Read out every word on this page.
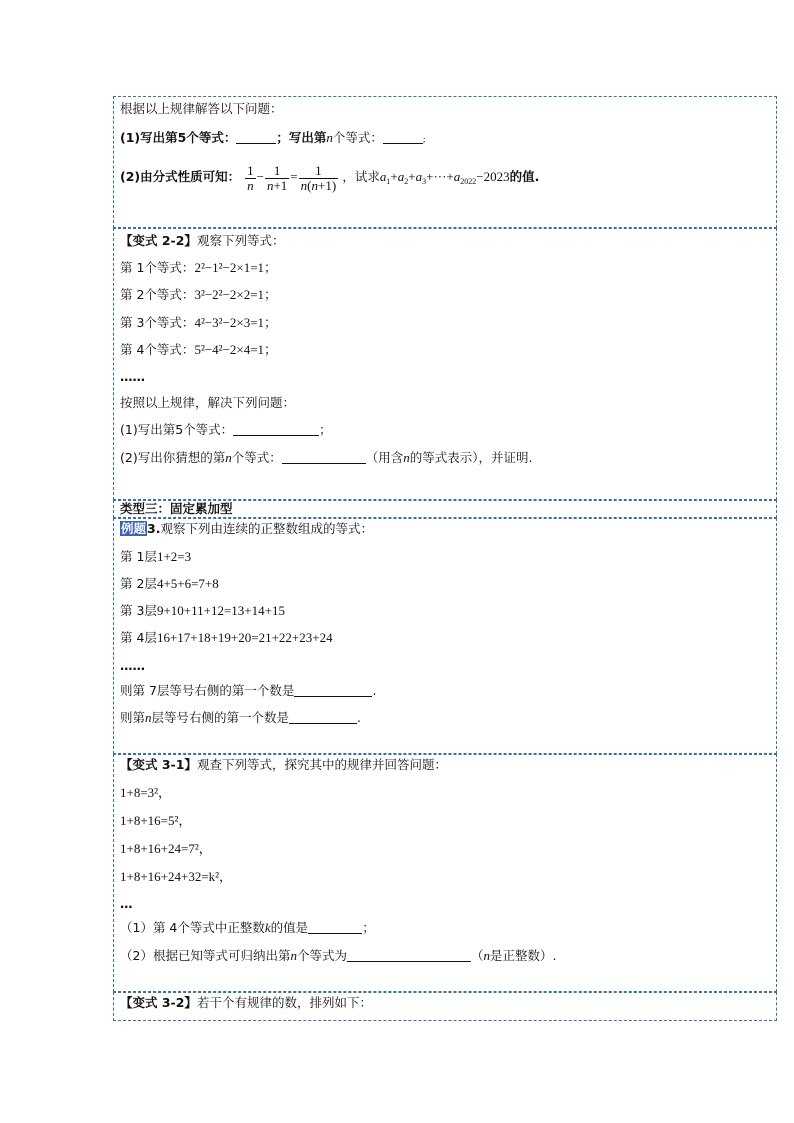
根据以上规律解答以下问题：
(1)写出第5个等式：	；写出第n个等式：	;
(2)由分式性质可知： $\frac{1}{n} - \frac{1}{n+1} = \frac{1}{n(n+1)}$ ，试求$a_1+a_2+a_3+\cdot\cdot\cdot+a_{2022}-2023$的值.
【变式 2-2】观察下列等式：
第 1个等式：2²−1²−2×1=1；
第 2个等式：3²−2²−2×2=1；
第 3个等式：4²−3²−2×3=1；
第 4个等式：5²−4²−2×4=1；
……
按照以上规律，解决下列问题：
(1)写出第5个等式：	；
(2)写出你猜想的第n个等式：	（用含n的等式表示），并证明.
类型三：固定累加型
例题3.观察下列由连续的正整数组成的等式：
第 1层1+2=3
第 2层4+5+6=7+8
第 3层9+10+11+12=13+14+15
第 4层16+17+18+19+20=21+22+23+24
……
则第 7层等号右侧的第一个数是	.
则第n层等号右侧的第一个数是	.
【变式 3-1】观查下列等式，探究其中的规律并回答问题：
1+8=3²，
1+8+16=5²，
1+8+16+24=7²，
1+8+16+24+32=k²，
…
（1）第 4个等式中正整数k的值是	；
（2）根据已知等式可归纳出第n个等式为	（n是正整数）.
【变式 3-2】若干个有规律的数，排列如下：
